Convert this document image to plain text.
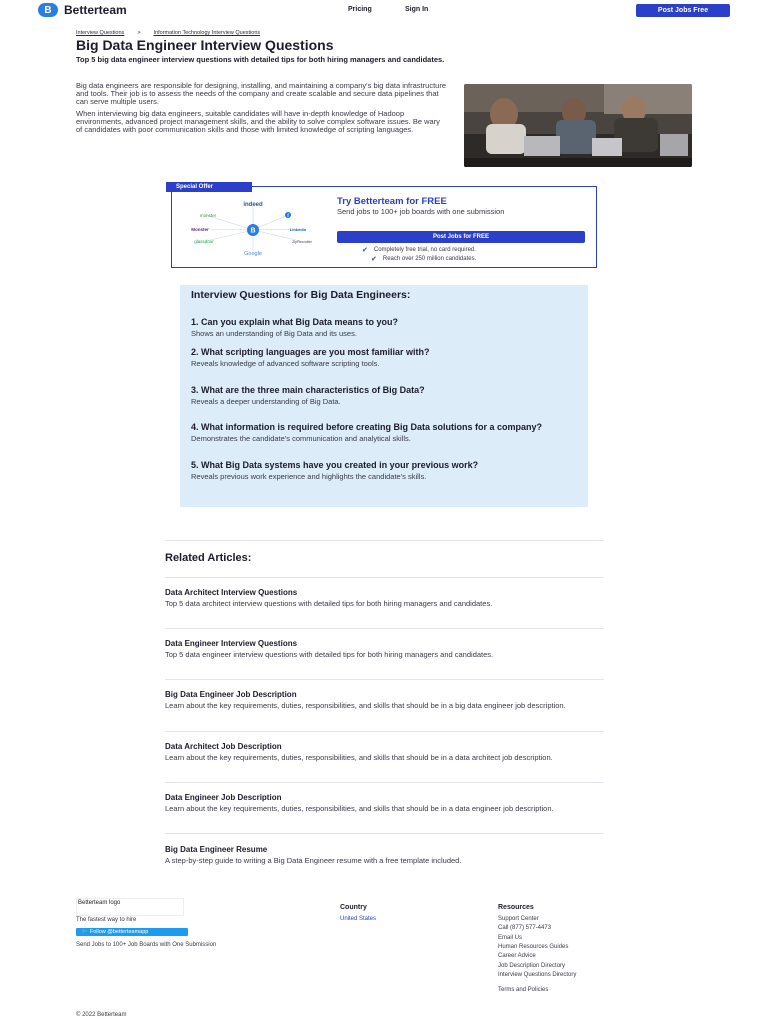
B	Betterteam	Pricing	Sign In	Post Jobs Free
Interview Questions > Information Technology Interview Questions
Big Data Engineer Interview Questions
Top 5 big data engineer interview questions with detailed tips for both hiring managers and candidates.

Big data engineers are responsible for designing, installing, and maintaining a company's big data infrastructure and tools. Their job is to assess the needs of the company and create scalable and secure data pipelines that can serve multiple users.

When interviewing big data engineers, suitable candidates will have in-depth knowledge of Hadoop environments, advanced project management skills, and the ability to solve complex software issues. Be wary of candidates with poor communication skills and those with limited knowledge of scripting languages.

Special Offer
B
indeed
monster	f
Monster	LinkedIn
glassdoor	ZipRecruiter
Google
Try Betterteam for FREE
Send jobs to 100+ job boards with one submission
Post Jobs for FREE
✔ Completely free trial, no card required.
✔ Reach over 250 million candidates.
Interview Questions for Big Data Engineers:
1. Can you explain what Big Data means to you?
Shows an understanding of Big Data and its uses.
2. What scripting languages are you most familiar with?
Reveals knowledge of advanced software scripting tools.
3. What are the three main characteristics of Big Data?
Reveals a deeper understanding of Big Data.
4. What information is required before creating Big Data solutions for a company?
Demonstrates the candidate's communication and analytical skills.
5. What Big Data systems have you created in your previous work?
Reveals previous work experience and highlights the candidate's skills.
Related Articles:
Data Architect Interview Questions
Top 5 data architect interview questions with detailed tips for both hiring managers and candidates.
Data Engineer Interview Questions
Top 5 data engineer interview questions with detailed tips for both hiring managers and candidates.
Big Data Engineer Job Description
Learn about the key requirements, duties, responsibilities, and skills that should be in a big data engineer job description.
Data Architect Job Description
Learn about the key requirements, duties, responsibilities, and skills that should be in a data architect job description.
Data Engineer Job Description
Learn about the key requirements, duties, responsibilities, and skills that should be in a data engineer job description.
Big Data Engineer Resume
A step-by-step guide to writing a Big Data Engineer resume with a free template included.
Betterteam logo
The fastest way to hire
🐦 Follow @betterteamapp
Send Jobs to 100+ Job Boards with One Submission
Country
United States
Resources
Support Center
Call (877) 577-4473
Email Us
Human Resources Guides
Career Advice
Job Description Directory
Interview Questions Directory
Terms and Policies
© 2022 Betterteam
